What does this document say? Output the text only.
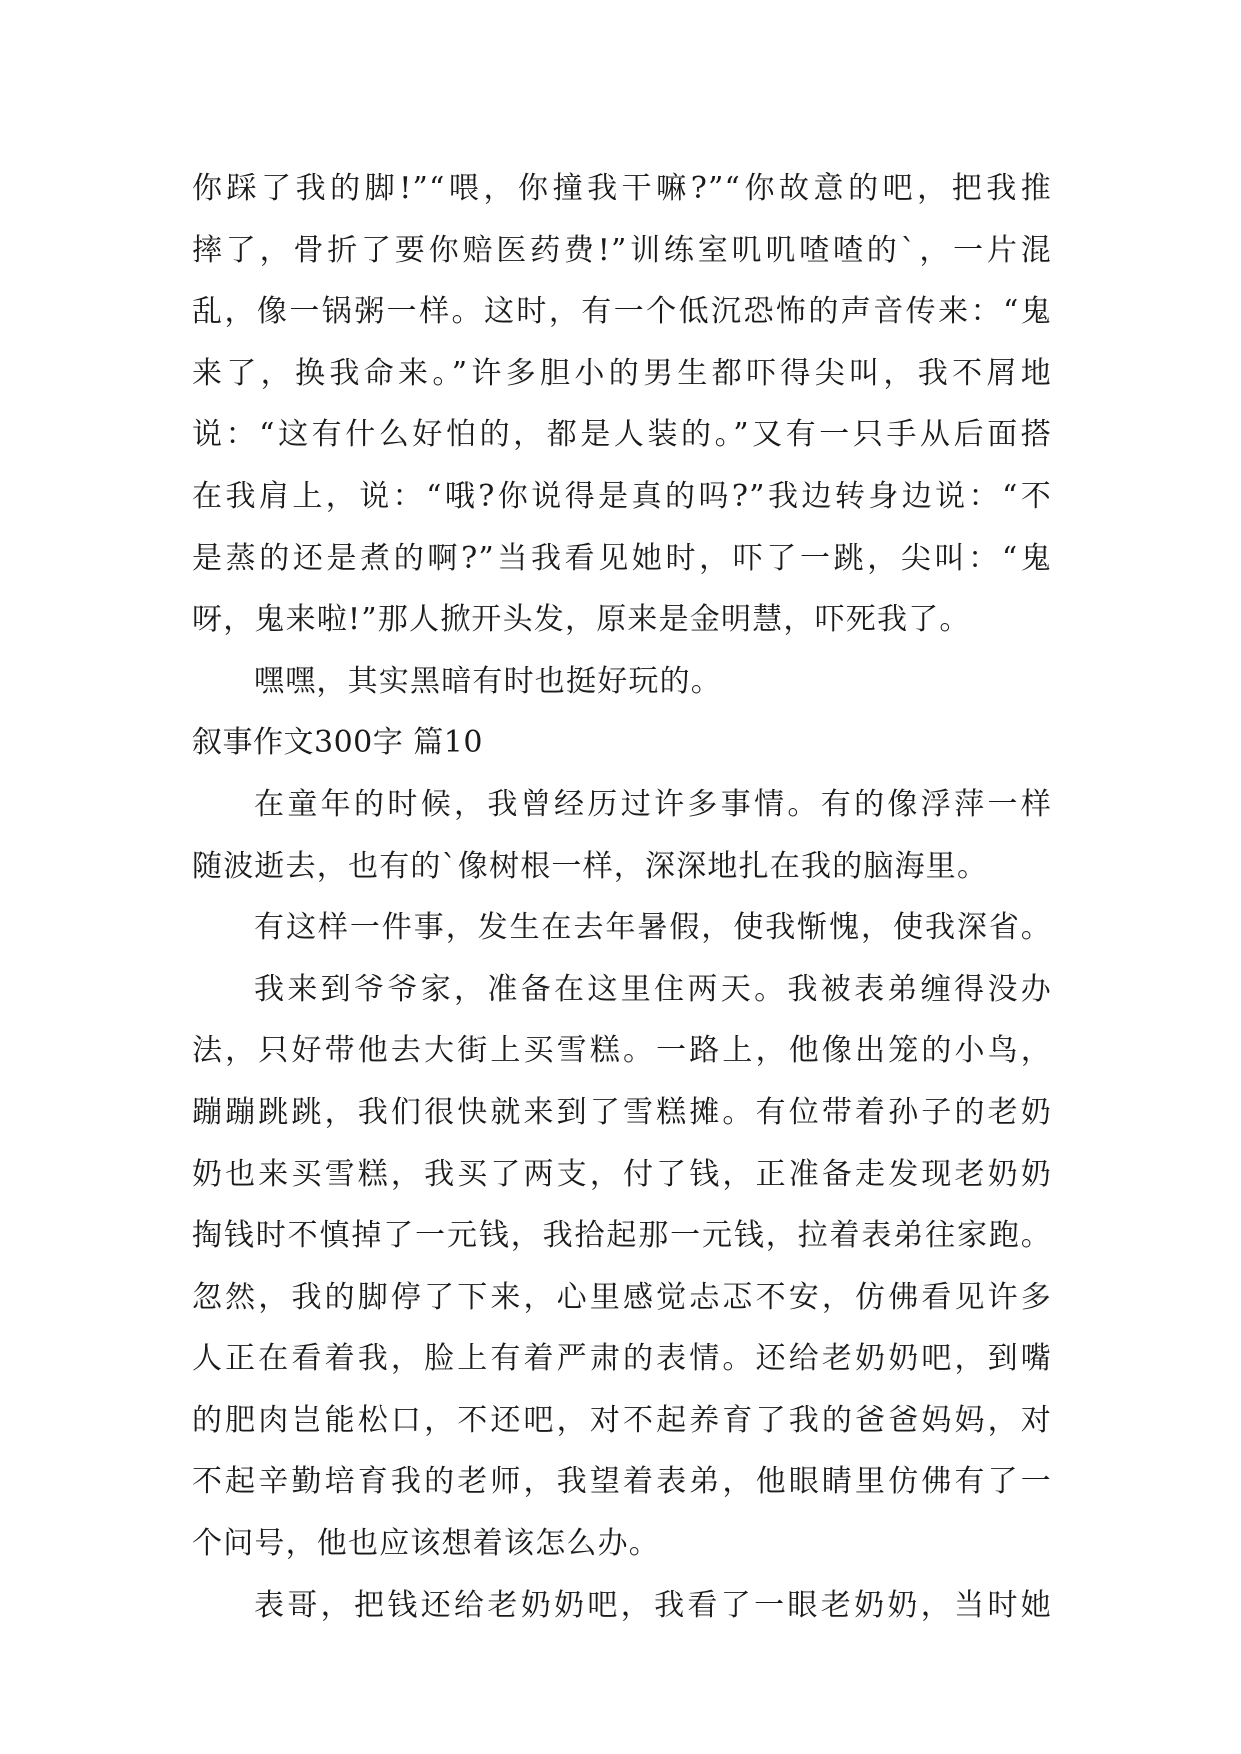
你踩了我的脚!”“喂，你撞我干嘛?”“你故意的吧，把我推
摔了，骨折了要你赔医药费!”训练室叽叽喳喳的`，一片混
乱，像一锅粥一样。这时，有一个低沉恐怖的声音传来：“鬼
来了，换我命来。”许多胆小的男生都吓得尖叫，我不屑地
说：“这有什么好怕的，都是人装的。”又有一只手从后面搭
在我肩上，说：“哦?你说得是真的吗?”我边转身边说：“不
是蒸的还是煮的啊?”当我看见她时，吓了一跳，尖叫：“鬼
呀，鬼来啦!”那人掀开头发，原来是金明慧，吓死我了。
嘿嘿，其实黑暗有时也挺好玩的。
叙事作文300字 篇10
在童年的时候，我曾经历过许多事情。有的像浮萍一样
随波逝去，也有的`像树根一样，深深地扎在我的脑海里。
有这样一件事，发生在去年暑假，使我惭愧，使我深省。
我来到爷爷家，准备在这里住两天。我被表弟缠得没办
法，只好带他去大街上买雪糕。一路上，他像出笼的小鸟，
蹦蹦跳跳，我们很快就来到了雪糕摊。有位带着孙子的老奶
奶也来买雪糕，我买了两支，付了钱，正准备走发现老奶奶
掏钱时不慎掉了一元钱，我拾起那一元钱，拉着表弟往家跑。
忽然，我的脚停了下来，心里感觉忐忑不安，仿佛看见许多
人正在看着我，脸上有着严肃的表情。还给老奶奶吧，到嘴
的肥肉岂能松口，不还吧，对不起养育了我的爸爸妈妈，对
不起辛勤培育我的老师，我望着表弟，他眼睛里仿佛有了一
个问号，他也应该想着该怎么办。
表哥，把钱还给老奶奶吧，我看了一眼老奶奶，当时她
